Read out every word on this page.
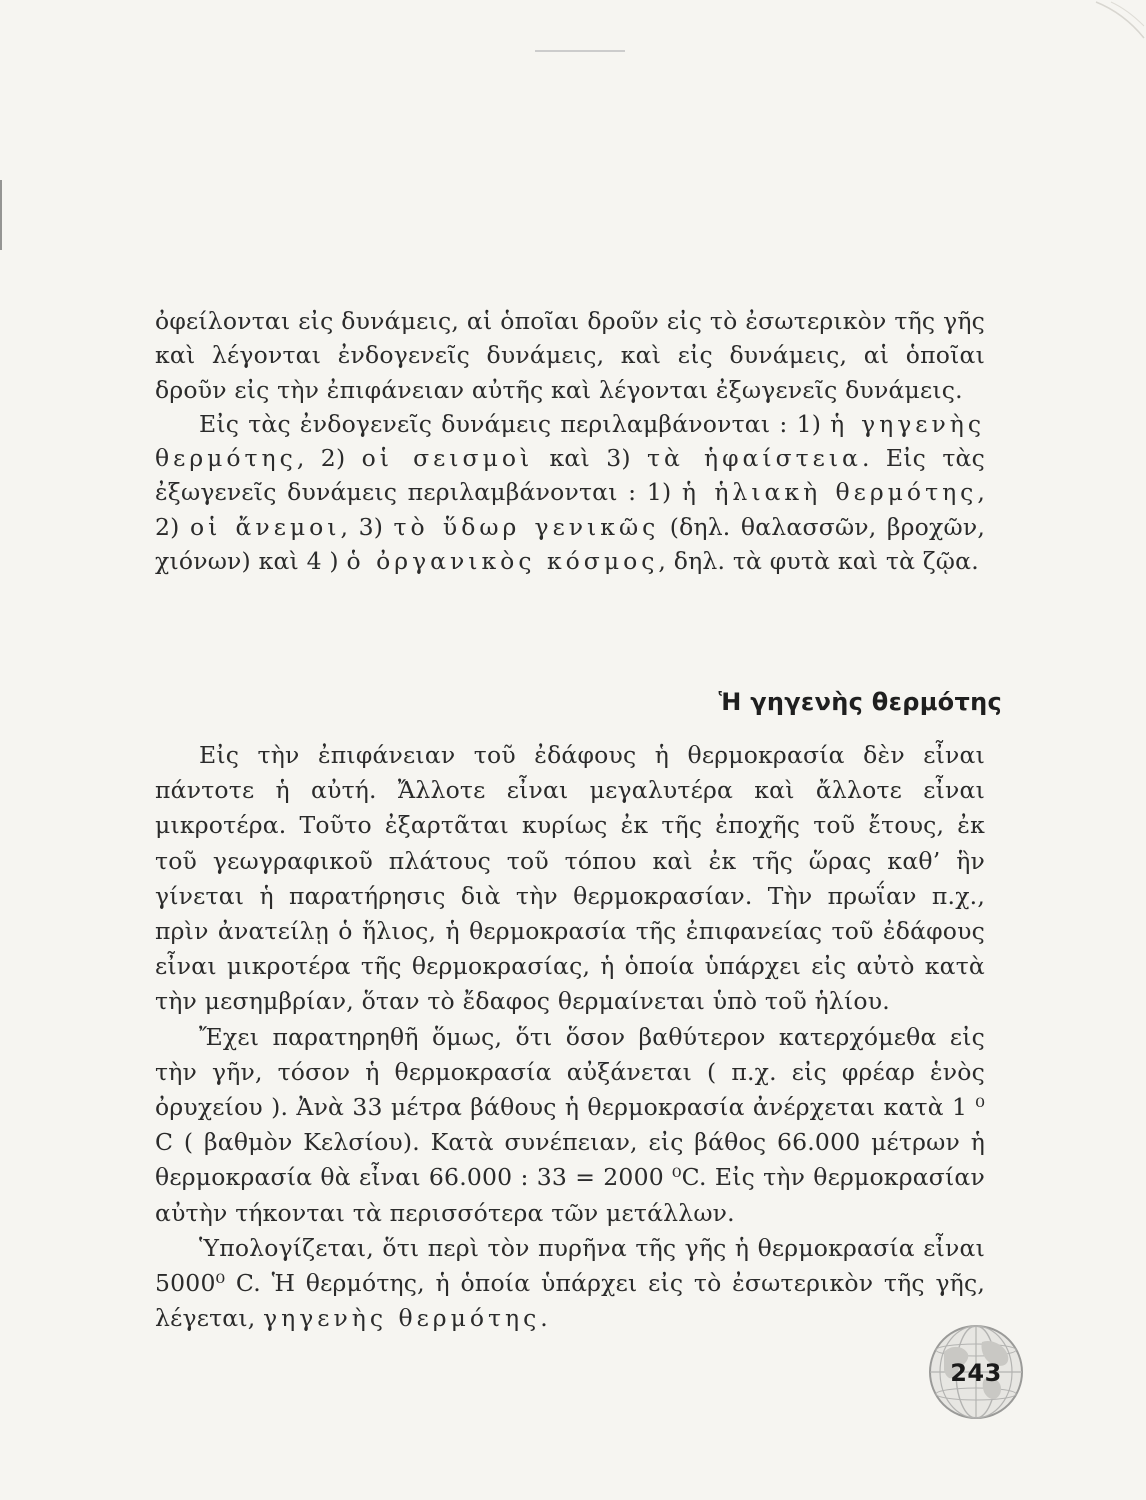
ὀφείλονται εἰς δυνάμεις, αἱ ὁποῖαι δροῦν εἰς τὸ ἐσωτερικὸν τῆς γῆς καὶ λέγονται ἐνδογενεῖς δυνάμεις, καὶ εἰς δυνάμεις, αἱ ὁποῖαι δροῦν εἰς τὴν ἐπιφάνειαν αὐτῆς καὶ λέγονται ἐξωγενεῖς δυνάμεις.

Εἰς τὰς ἐνδογενεῖς δυνάμεις περιλαμβάνονται : 1) ἡ γηγενὴς θερμότης, 2) οἱ σεισμοὶ καὶ 3) τὰ ἡφαίστεια. Εἰς τὰς ἐξωγενεῖς δυνάμεις περιλαμβάνονται : 1) ἡ ἡλιακὴ θερμότης, 2) οἱ ἄνεμοι, 3) τὸ ὕδωρ γενικῶς (δηλ. θαλασσῶν, βροχῶν, χιόνων) καὶ 4 ) ὁ ὀργανικὸς κόσμος, δηλ. τὰ φυτὰ καὶ τὰ ζῷα.

Ἡ γηγενὴς θερμότης

Εἰς τὴν ἐπιφάνειαν τοῦ ἐδάφους ἡ θερμοκρασία δὲν εἶναι πάντοτε ἡ αὐτή. Ἄλλοτε εἶναι μεγαλυτέρα καὶ ἄλλοτε εἶναι μικροτέρα. Τοῦτο ἐξαρτᾶται κυρίως ἐκ τῆς ἐποχῆς τοῦ ἔτους, ἐκ τοῦ γεωγραφικοῦ πλάτους τοῦ τόπου καὶ ἐκ τῆς ὥρας καθ’ ἣν γίνεται ἡ παρατήρησις διὰ τὴν θερμοκρασίαν. Τὴν πρωΐαν π.χ., πρὶν ἀνατείλῃ ὁ ἥλιος, ἡ θερμοκρασία τῆς ἐπιφανείας τοῦ ἐδάφους εἶναι μικροτέρα τῆς θερμοκρασίας, ἡ ὁποία ὑπάρχει εἰς αὐτὸ κατὰ τὴν μεσημβρίαν, ὅταν τὸ ἔδαφος θερμαίνεται ὑπὸ τοῦ ἡλίου.

Ἔχει παρατηρηθῆ ὅμως, ὅτι ὅσον βαθύτερον κατερχόμεθα εἰς τὴν γῆν, τόσον ἡ θερμοκρασία αὐξάνεται ( π.χ. εἰς φρέαρ ἑνὸς ὀρυχείου ). Ἀνὰ 33 μέτρα βάθους ἡ θερμοκρασία ἀνέρχεται κατὰ 1 ⁰ C ( βαθμὸν Κελσίου). Κατὰ συνέπειαν, εἰς βάθος 66.000 μέτρων ἡ θερμοκρασία θὰ εἶναι 66.000 : 33 = 2000 ⁰C. Εἰς τὴν θερμοκρασίαν αὐτὴν τήκονται τὰ περισσότερα τῶν μετάλλων.

Ὑπολογίζεται, ὅτι περὶ τὸν πυρῆνα τῆς γῆς ἡ θερμοκρασία εἶναι 5000⁰ C. Ἡ θερμότης, ἡ ὁποία ὑπάρχει εἰς τὸ ἐσωτερικὸν τῆς γῆς, λέγεται, γηγενὴς θερμότης.

243
